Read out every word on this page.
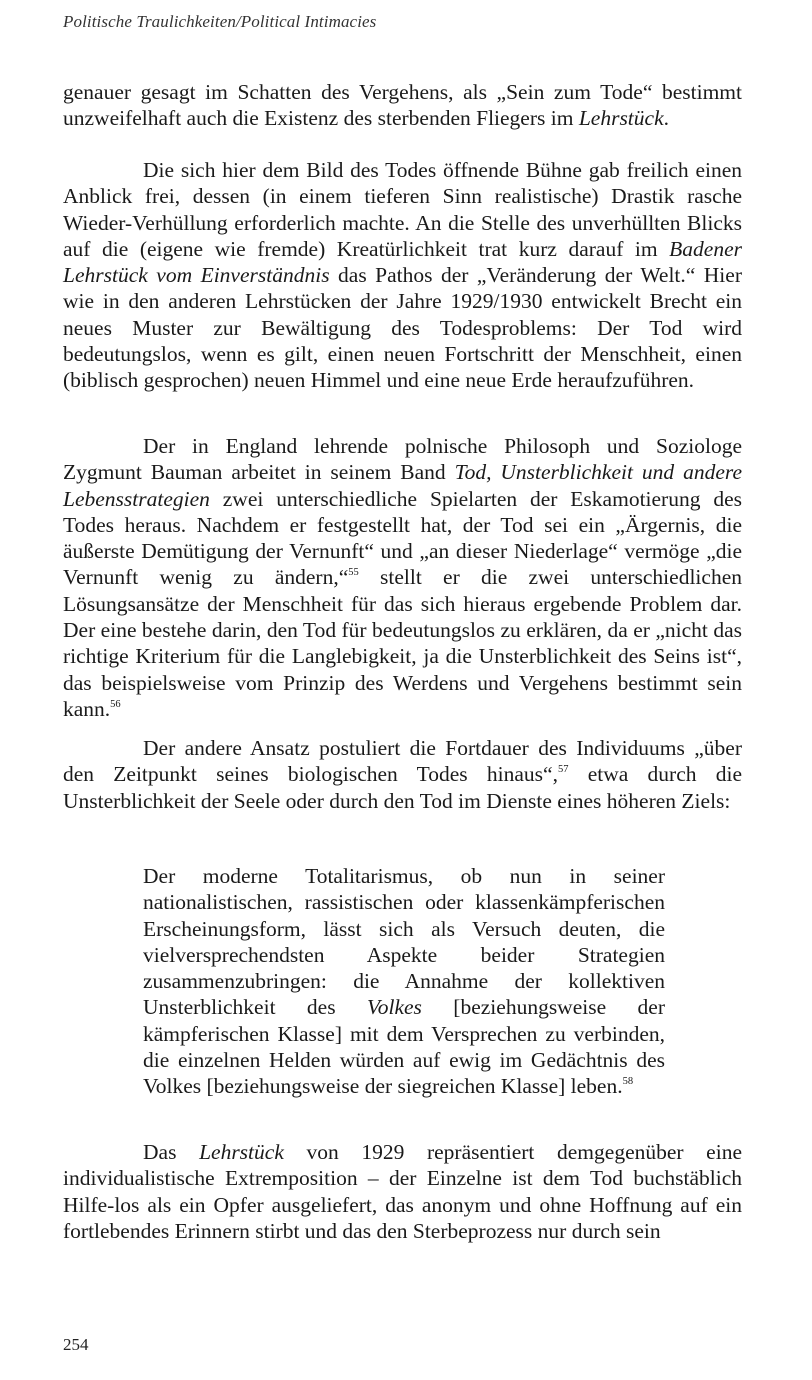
Politische Traulichkeiten/Political Intimacies
genauer gesagt im Schatten des Vergehens, als „Sein zum Tode“ bestimmt unzweifelhaft auch die Existenz des sterbenden Fliegers im Lehrstück.
Die sich hier dem Bild des Todes öffnende Bühne gab freilich einen Anblick frei, dessen (in einem tieferen Sinn realistische) Drastik rasche Wieder-Verhüllung erforderlich machte. An die Stelle des unverhüllten Blicks auf die (eigene wie fremde) Kreatürlichkeit trat kurz darauf im Badener Lehrstück vom Einverständnis das Pathos der „Veränderung der Welt.“ Hier wie in den anderen Lehrstücken der Jahre 1929/1930 entwickelt Brecht ein neues Muster zur Bewältigung des Todesproblems: Der Tod wird bedeutungslos, wenn es gilt, einen neuen Fortschritt der Menschheit, einen (biblisch gesprochen) neuen Himmel und eine neue Erde heraufzuführen.
Der in England lehrende polnische Philosoph und Soziologe Zygmunt Bauman arbeitet in seinem Band Tod, Unsterblichkeit und andere Lebensstrategien zwei unterschiedliche Spielarten der Eskamotierung des Todes heraus. Nachdem er festgestellt hat, der Tod sei ein „Ärgernis, die äußerste Demütigung der Vernunft“ und „an dieser Niederlage“ vermöge „die Vernunft wenig zu ändern,“$^{55}$ stellt er die zwei unterschiedlichen Lösungsansätze der Menschheit für das sich hieraus ergebende Problem dar. Der eine bestehe darin, den Tod für bedeutungslos zu erklären, da er „nicht das richtige Kriterium für die Langlebigkeit, ja die Unsterblichkeit des Seins ist“, das beispielsweise vom Prinzip des Werdens und Vergehens bestimmt sein kann.$^{56}$
Der andere Ansatz postuliert die Fortdauer des Individuums „über den Zeitpunkt seines biologischen Todes hinaus“,$^{57}$ etwa durch die Unsterblichkeit der Seele oder durch den Tod im Dienste eines höheren Ziels:
Der moderne Totalitarismus, ob nun in seiner nationalistischen, rassistischen oder klassenkämpferischen Erscheinungsform, lässt sich als Versuch deuten, die vielversprechendsten Aspekte beider Strategien zusammenzubringen: die Annahme der kollektiven Unsterblichkeit des Volkes [beziehungsweise der kämpferischen Klasse] mit dem Versprechen zu verbinden, die einzelnen Helden würden auf ewig im Gedächtnis des Volkes [beziehungsweise der siegreichen Klasse] leben.$^{58}$
Das Lehrstück von 1929 repräsentiert demgegenüber eine individualistische Extremposition – der Einzelne ist dem Tod buchstäblich Hilfe-los als ein Opfer ausgeliefert, das anonym und ohne Hoffnung auf ein fortlebendes Erinnern stirbt und das den Sterbeprozess nur durch sein
254
